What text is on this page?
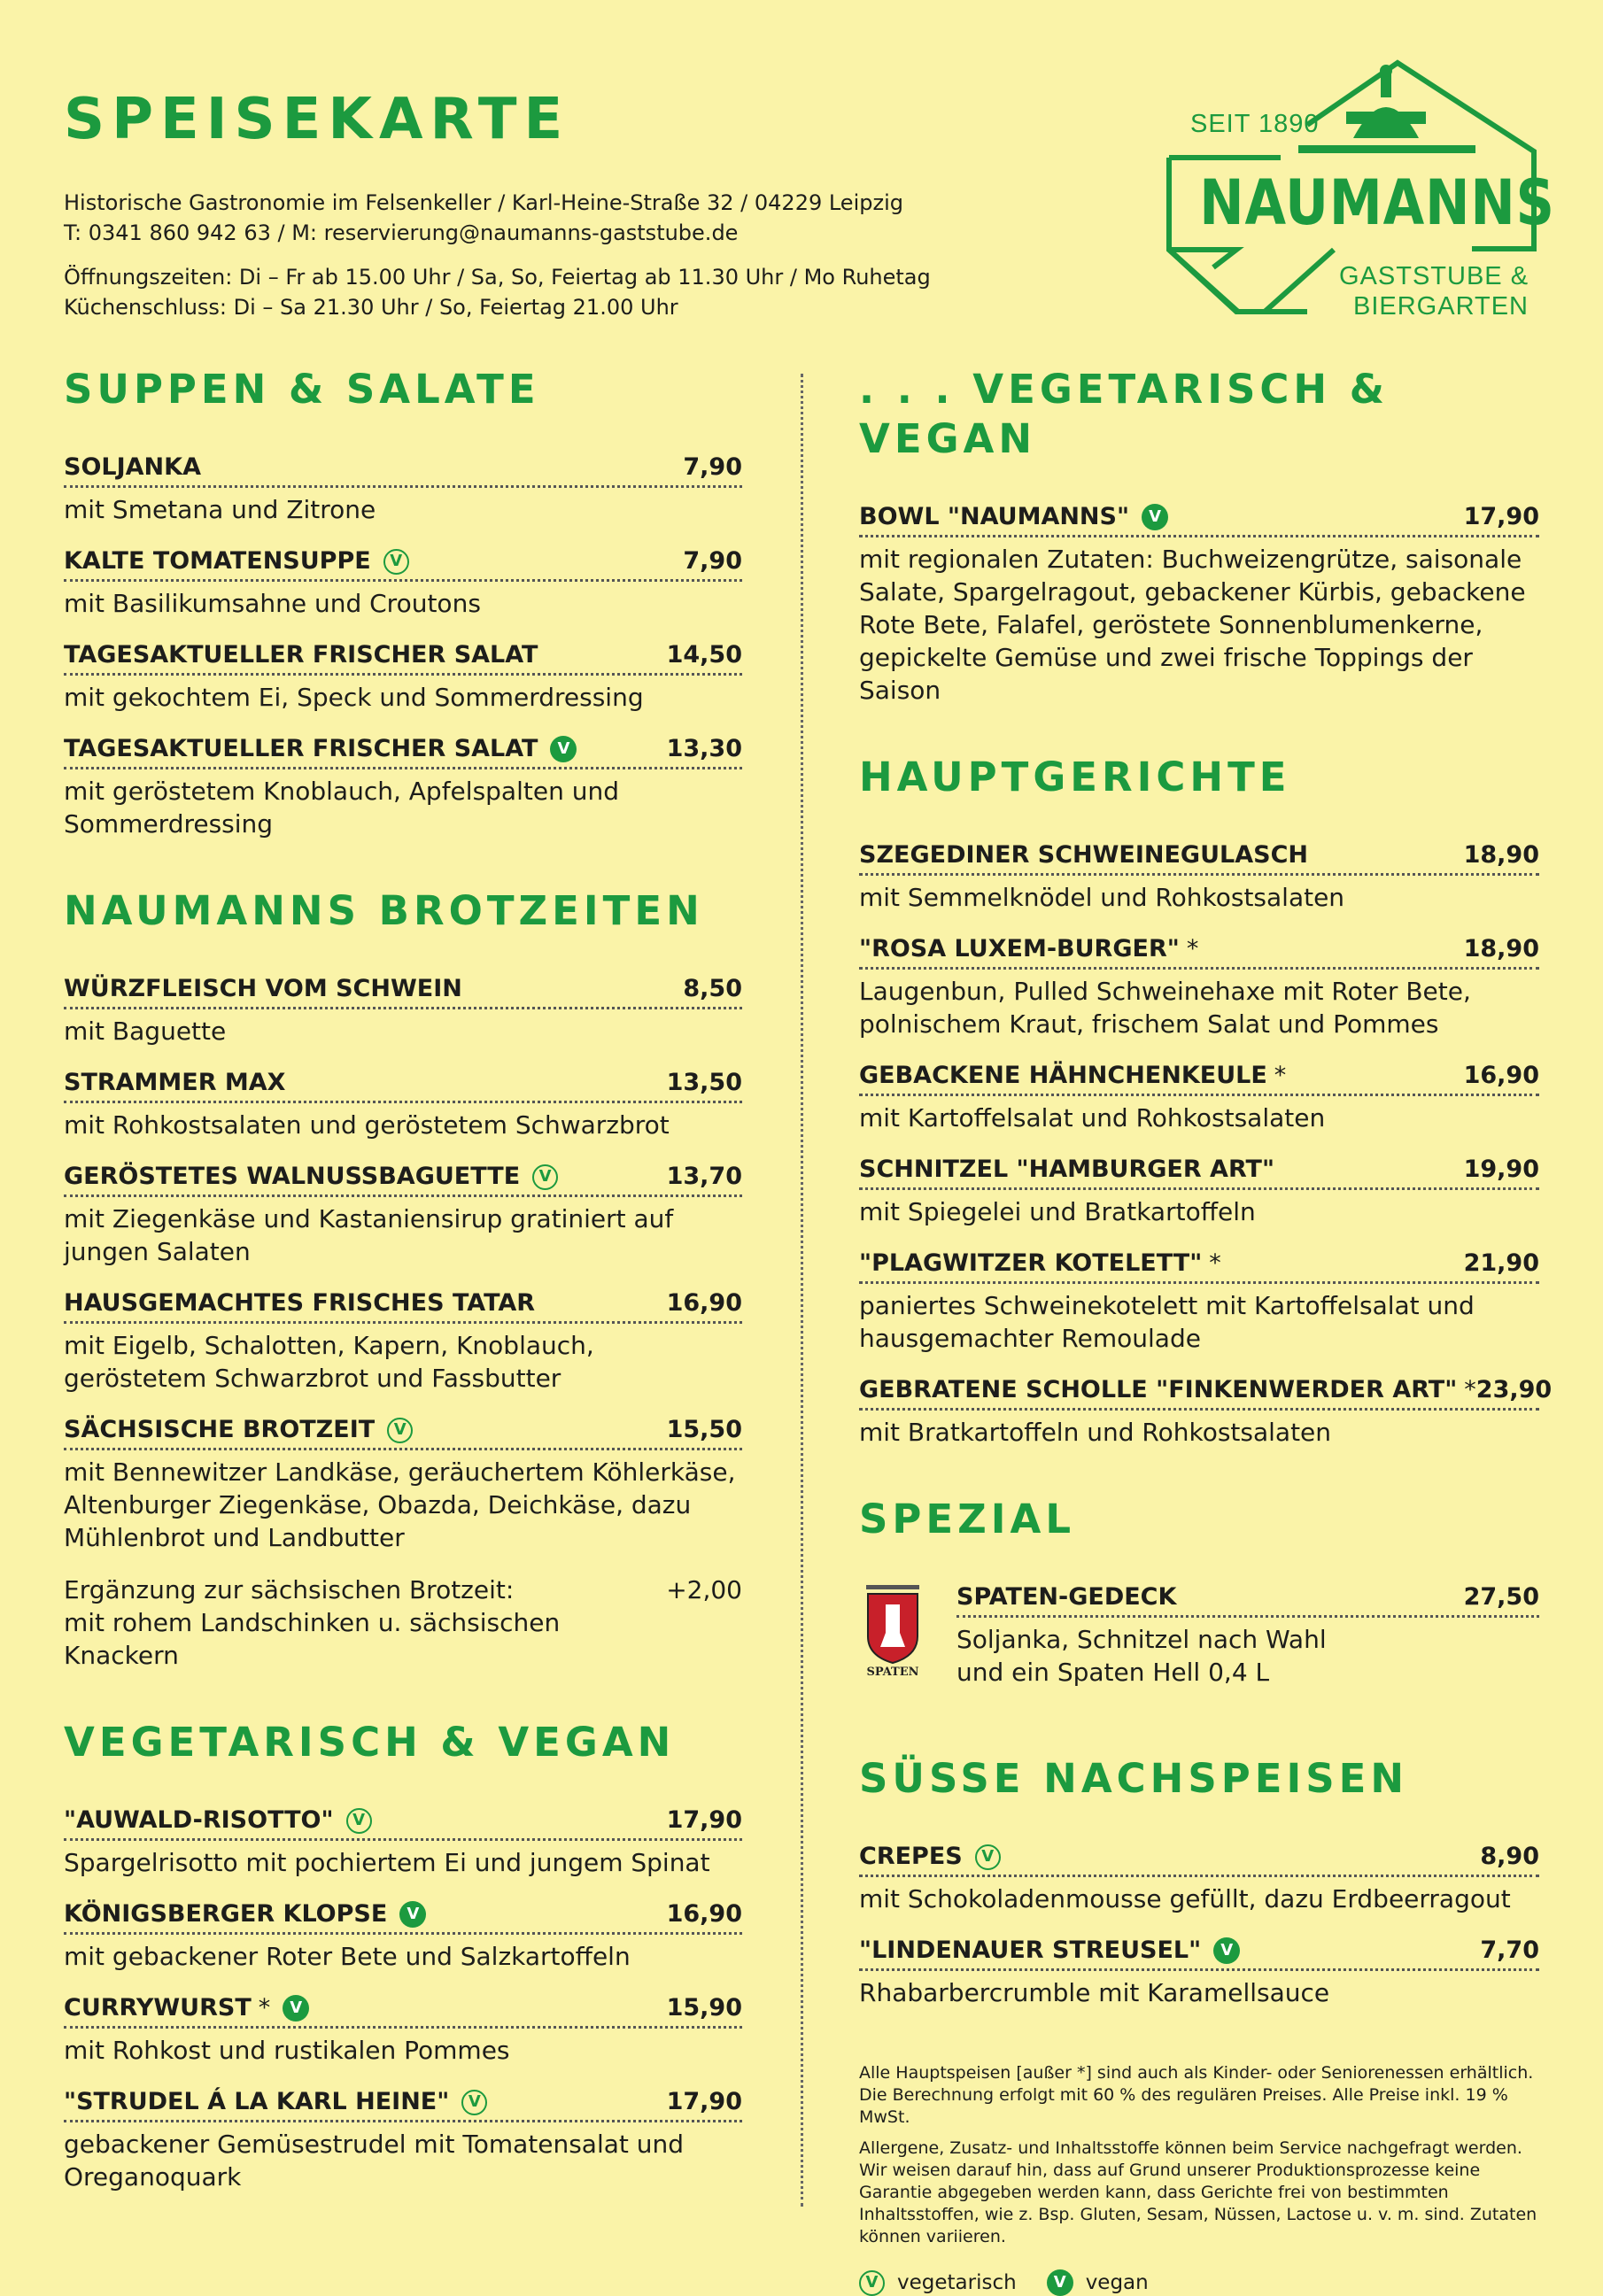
SPEISEKARTE
Historische Gastronomie im Felsenkeller / Karl-Heine-Straße 32 / 04229 Leipzig
T: 0341 860 942 63 / M: reservierung@naumanns-gaststube.de
Öffnungszeiten: Di – Fr ab 15.00 Uhr / Sa, So, Feiertag ab 11.30 Uhr / Mo Ruhetag
Küchenschluss: Di – Sa 21.30 Uhr / So, Feiertag 21.00 Uhr
SEIT 1890
NAUMANNS
GASTSTUBE &
BIERGARTEN
SUPPEN & SALATE
SOLJANKA	7,90
mit Smetana und Zitrone
KALTE TOMATENSUPPE	V	7,90
mit Basilikumsahne und Croutons
TAGESAKTUELLER FRISCHER SALAT	14,50
mit gekochtem Ei, Speck und Sommerdressing
TAGESAKTUELLER FRISCHER SALAT	V	13,30
mit geröstetem Knoblauch, Apfelspalten und Sommerdressing
NAUMANNS BROTZEITEN
WÜRZFLEISCH VOM SCHWEIN	8,50
mit Baguette
STRAMMER MAX	13,50
mit Rohkostsalaten und geröstetem Schwarzbrot
GERÖSTETES WALNUSSBAGUETTE	V	13,70
mit Ziegenkäse und Kastaniensirup gratiniert auf jungen Salaten
HAUSGEMACHTES FRISCHES TATAR	16,90
mit Eigelb, Schalotten, Kapern, Knoblauch, geröstetem Schwarzbrot und Fassbutter
SÄCHSISCHE BROTZEIT	V	15,50
mit Bennewitzer Landkäse, geräuchertem Köhlerkäse, Altenburger Ziegenkäse, Obazda, Deichkäse, dazu Mühlenbrot und Landbutter
Ergänzung zur sächsischen Brotzeit:
mit rohem Landschinken u. sächsischen Knackern
+2,00
VEGETARISCH & VEGAN
"AUWALD-RISOTTO"	V	17,90
Spargelrisotto mit pochiertem Ei und jungem Spinat
KÖNIGSBERGER KLOPSE	V	16,90
mit gebackener Roter Bete und Salzkartoffeln
CURRYWURST *	V	15,90
mit Rohkost und rustikalen Pommes
"STRUDEL Á LA KARL HEINE"	V	17,90
gebackener Gemüsestrudel mit Tomatensalat und Oreganoquark
. . . VEGETARISCH & VEGAN
BOWL "NAUMANNS"	V	17,90
mit regionalen Zutaten: Buchweizengrütze, saisonale Salate, Spargelragout, gebackener Kürbis, gebackene Rote Bete, Falafel, geröstete Sonnenblumenkerne, gepickelte Gemüse und zwei frische Toppings der Saison
HAUPTGERICHTE
SZEGEDINER SCHWEINEGULASCH	18,90
mit Semmelknödel und Rohkostsalaten
"ROSA LUXEM-BURGER" *	18,90
Laugenbun, Pulled Schweinehaxe mit Roter Bete, polnischem Kraut, frischem Salat und Pommes
GEBACKENE HÄHNCHENKEULE *	16,90
mit Kartoffelsalat und Rohkostsalaten
SCHNITZEL "HAMBURGER ART"	19,90
mit Spiegelei und Bratkartoffeln
"PLAGWITZER KOTELETT" *	21,90
paniertes Schweinekotelett mit Kartoffelsalat und hausgemachter Remoulade
GEBRATENE SCHOLLE "FINKENWERDER ART" * 23,90
mit Bratkartoffeln und Rohkostsalaten
SPEZIAL
SPATEN
SPATEN-GEDECK	27,50
Soljanka, Schnitzel nach Wahl
und ein Spaten Hell 0,4 L
SÜSSE NACHSPEISEN
CREPES	V	8,90
mit Schokoladenmousse gefüllt, dazu Erdbeerragout
"LINDENAUER STREUSEL"	V	7,70
Rhabarbercrumble mit Karamellsauce

Alle Hauptspeisen [außer *] sind auch als Kinder- oder Seniorenessen erhältlich. Die Berechnung erfolgt mit 60 % des regulären Preises. Alle Preise inkl. 19 % MwSt.

Allergene, Zusatz- und Inhaltsstoffe können beim Service nachgefragt werden. Wir weisen darauf hin, dass auf Grund unserer Produktionsprozesse keine Garantie abgegeben werden kann, dass Gerichte frei von bestimmten Inhaltsstoffen, wie z. Bsp. Gluten, Sesam, Nüssen, Lactose u. v. m. sind. Zutaten können variieren.

V vegetarisch	V vegan
